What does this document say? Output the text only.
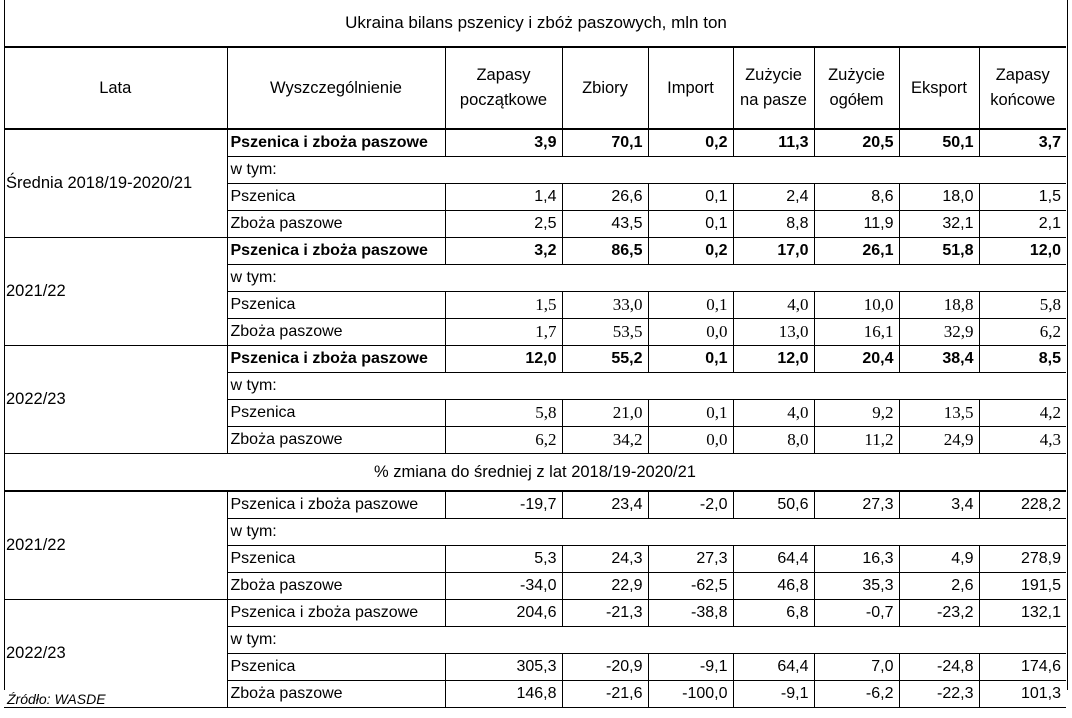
Ukraina bilans pszenicy i zbóż paszowych, mln ton
Lata	Wyszczególnienie	Zapasy początkowe	Zbiory	Import	Zużycie na pasze	Zużycie ogółem	Eksport	Zapasy końcowe
Średnia 2018/19-2020/21	Pszenica i zboża paszowe	3,9	70,1	0,2	11,3	20,5	50,1	3,7
	w tym:							
	Pszenica	1,4	26,6	0,1	2,4	8,6	18,0	1,5
	Zboża paszowe	2,5	43,5	0,1	8,8	11,9	32,1	2,1
2021/22	Pszenica i zboża paszowe	3,2	86,5	0,2	17,0	26,1	51,8	12,0
	w tym:							
	Pszenica	1,5	33,0	0,1	4,0	10,0	18,8	5,8
	Zboża paszowe	1,7	53,5	0,0	13,0	16,1	32,9	6,2
2022/23	Pszenica i zboża paszowe	12,0	55,2	0,1	12,0	20,4	38,4	8,5
	w tym:							
	Pszenica	5,8	21,0	0,1	4,0	9,2	13,5	4,2
	Zboża paszowe	6,2	34,2	0,0	8,0	11,2	24,9	4,3
% zmiana do średniej z lat 2018/19-2020/21								
2021/22	Pszenica i zboża paszowe	-19,7	23,4	-2,0	50,6	27,3	3,4	228,2
	w tym:							
	Pszenica	5,3	24,3	27,3	64,4	16,3	4,9	278,9
	Zboża paszowe	-34,0	22,9	-62,5	46,8	35,3	2,6	191,5
2022/23	Pszenica i zboża paszowe	204,6	-21,3	-38,8	6,8	-0,7	-23,2	132,1
	w tym:							
	Pszenica	305,3	-20,9	-9,1	64,4	7,0	-24,8	174,6
	Zboża paszowe	146,8	-21,6	-100,0	-9,1	-6,2	-22,3	101,3
Źródło: WASDE
